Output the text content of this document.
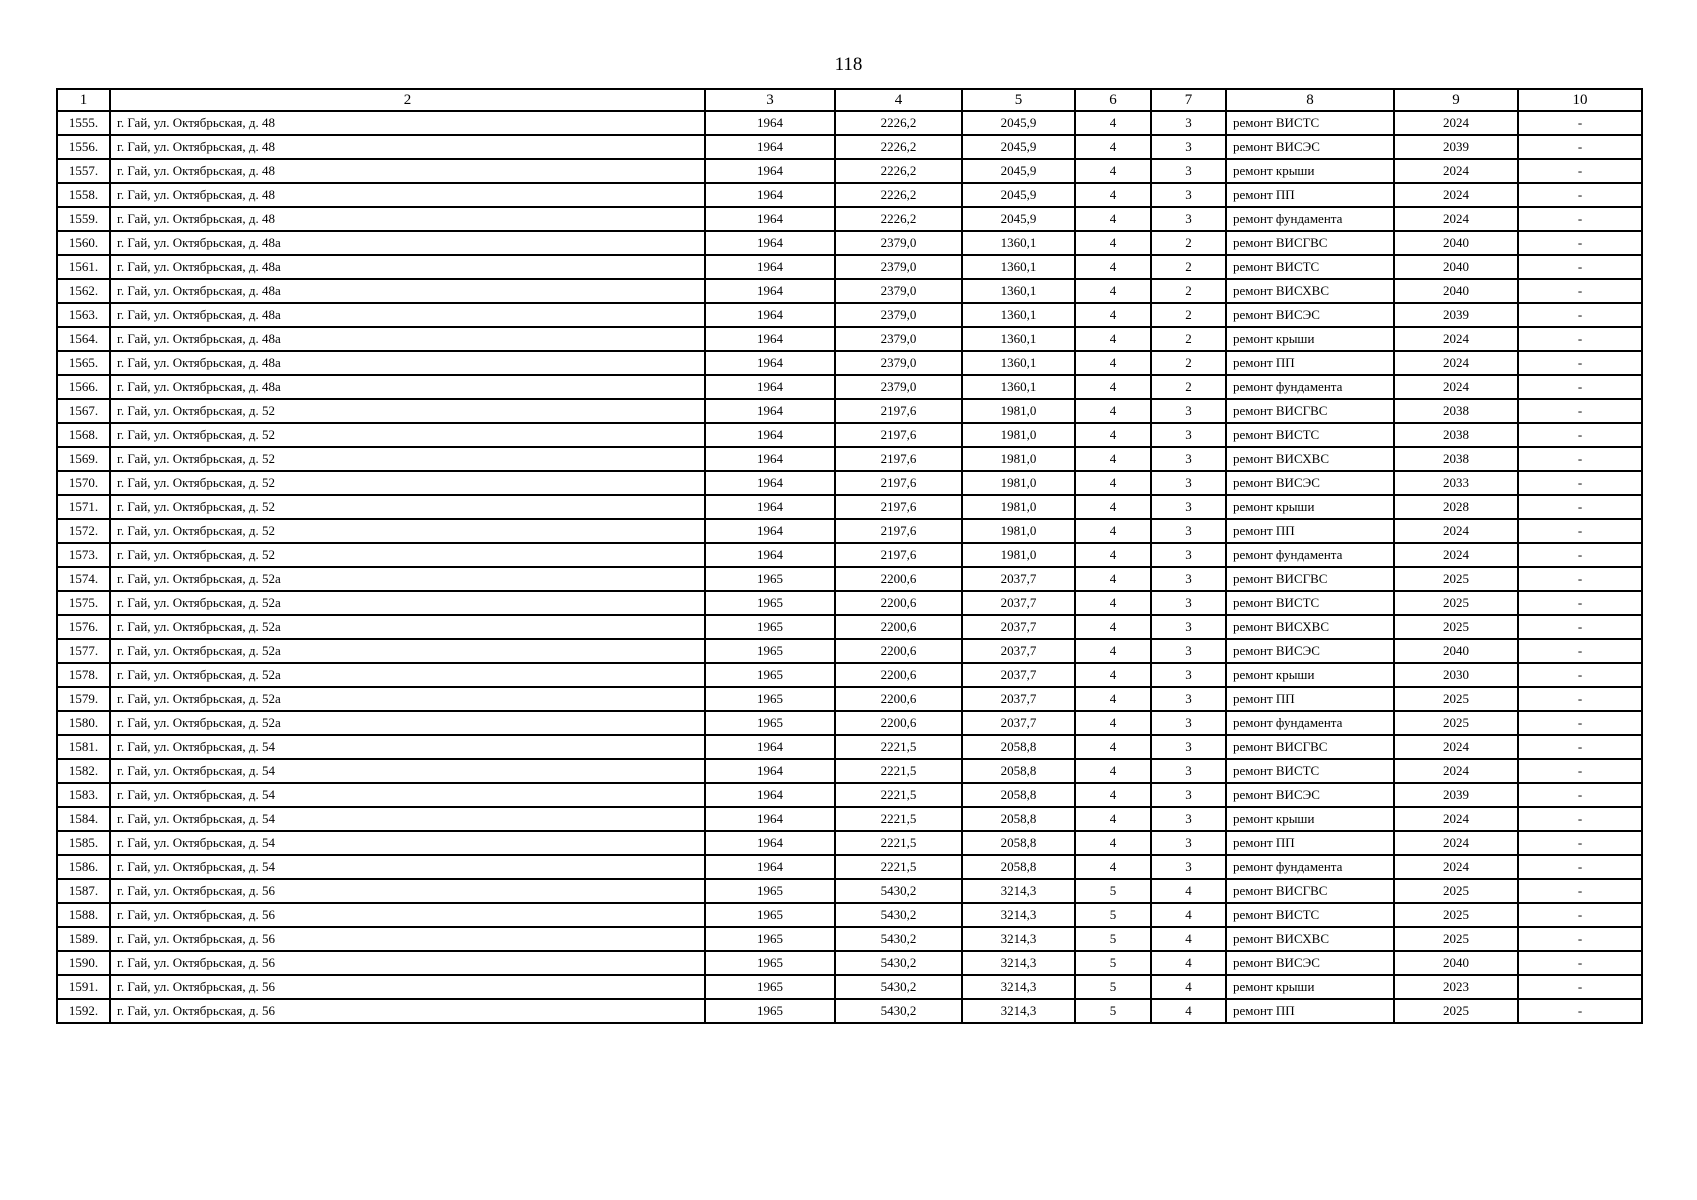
118
1	2	3	4	5	6	7	8	9	10
1555.	г. Гай, ул. Октябрьская, д. 48	1964	2226,2	2045,9	4	3	ремонт ВИСТС	2024	-
1556.	г. Гай, ул. Октябрьская, д. 48	1964	2226,2	2045,9	4	3	ремонт ВИСЭС	2039	-
1557.	г. Гай, ул. Октябрьская, д. 48	1964	2226,2	2045,9	4	3	ремонт крыши	2024	-
1558.	г. Гай, ул. Октябрьская, д. 48	1964	2226,2	2045,9	4	3	ремонт ПП	2024	-
1559.	г. Гай, ул. Октябрьская, д. 48	1964	2226,2	2045,9	4	3	ремонт фундамента	2024	-
1560.	г. Гай, ул. Октябрьская, д. 48а	1964	2379,0	1360,1	4	2	ремонт ВИСГВС	2040	-
1561.	г. Гай, ул. Октябрьская, д. 48а	1964	2379,0	1360,1	4	2	ремонт ВИСТС	2040	-
1562.	г. Гай, ул. Октябрьская, д. 48а	1964	2379,0	1360,1	4	2	ремонт ВИСХВС	2040	-
1563.	г. Гай, ул. Октябрьская, д. 48а	1964	2379,0	1360,1	4	2	ремонт ВИСЭС	2039	-
1564.	г. Гай, ул. Октябрьская, д. 48а	1964	2379,0	1360,1	4	2	ремонт крыши	2024	-
1565.	г. Гай, ул. Октябрьская, д. 48а	1964	2379,0	1360,1	4	2	ремонт ПП	2024	-
1566.	г. Гай, ул. Октябрьская, д. 48а	1964	2379,0	1360,1	4	2	ремонт фундамента	2024	-
1567.	г. Гай, ул. Октябрьская, д. 52	1964	2197,6	1981,0	4	3	ремонт ВИСГВС	2038	-
1568.	г. Гай, ул. Октябрьская, д. 52	1964	2197,6	1981,0	4	3	ремонт ВИСТС	2038	-
1569.	г. Гай, ул. Октябрьская, д. 52	1964	2197,6	1981,0	4	3	ремонт ВИСХВС	2038	-
1570.	г. Гай, ул. Октябрьская, д. 52	1964	2197,6	1981,0	4	3	ремонт ВИСЭС	2033	-
1571.	г. Гай, ул. Октябрьская, д. 52	1964	2197,6	1981,0	4	3	ремонт крыши	2028	-
1572.	г. Гай, ул. Октябрьская, д. 52	1964	2197,6	1981,0	4	3	ремонт ПП	2024	-
1573.	г. Гай, ул. Октябрьская, д. 52	1964	2197,6	1981,0	4	3	ремонт фундамента	2024	-
1574.	г. Гай, ул. Октябрьская, д. 52а	1965	2200,6	2037,7	4	3	ремонт ВИСГВС	2025	-
1575.	г. Гай, ул. Октябрьская, д. 52а	1965	2200,6	2037,7	4	3	ремонт ВИСТС	2025	-
1576.	г. Гай, ул. Октябрьская, д. 52а	1965	2200,6	2037,7	4	3	ремонт ВИСХВС	2025	-
1577.	г. Гай, ул. Октябрьская, д. 52а	1965	2200,6	2037,7	4	3	ремонт ВИСЭС	2040	-
1578.	г. Гай, ул. Октябрьская, д. 52а	1965	2200,6	2037,7	4	3	ремонт крыши	2030	-
1579.	г. Гай, ул. Октябрьская, д. 52а	1965	2200,6	2037,7	4	3	ремонт ПП	2025	-
1580.	г. Гай, ул. Октябрьская, д. 52а	1965	2200,6	2037,7	4	3	ремонт фундамента	2025	-
1581.	г. Гай, ул. Октябрьская, д. 54	1964	2221,5	2058,8	4	3	ремонт ВИСГВС	2024	-
1582.	г. Гай, ул. Октябрьская, д. 54	1964	2221,5	2058,8	4	3	ремонт ВИСТС	2024	-
1583.	г. Гай, ул. Октябрьская, д. 54	1964	2221,5	2058,8	4	3	ремонт ВИСЭС	2039	-
1584.	г. Гай, ул. Октябрьская, д. 54	1964	2221,5	2058,8	4	3	ремонт крыши	2024	-
1585.	г. Гай, ул. Октябрьская, д. 54	1964	2221,5	2058,8	4	3	ремонт ПП	2024	-
1586.	г. Гай, ул. Октябрьская, д. 54	1964	2221,5	2058,8	4	3	ремонт фундамента	2024	-
1587.	г. Гай, ул. Октябрьская, д. 56	1965	5430,2	3214,3	5	4	ремонт ВИСГВС	2025	-
1588.	г. Гай, ул. Октябрьская, д. 56	1965	5430,2	3214,3	5	4	ремонт ВИСТС	2025	-
1589.	г. Гай, ул. Октябрьская, д. 56	1965	5430,2	3214,3	5	4	ремонт ВИСХВС	2025	-
1590.	г. Гай, ул. Октябрьская, д. 56	1965	5430,2	3214,3	5	4	ремонт ВИСЭС	2040	-
1591.	г. Гай, ул. Октябрьская, д. 56	1965	5430,2	3214,3	5	4	ремонт крыши	2023	-
1592.	г. Гай, ул. Октябрьская, д. 56	1965	5430,2	3214,3	5	4	ремонт ПП	2025	-
